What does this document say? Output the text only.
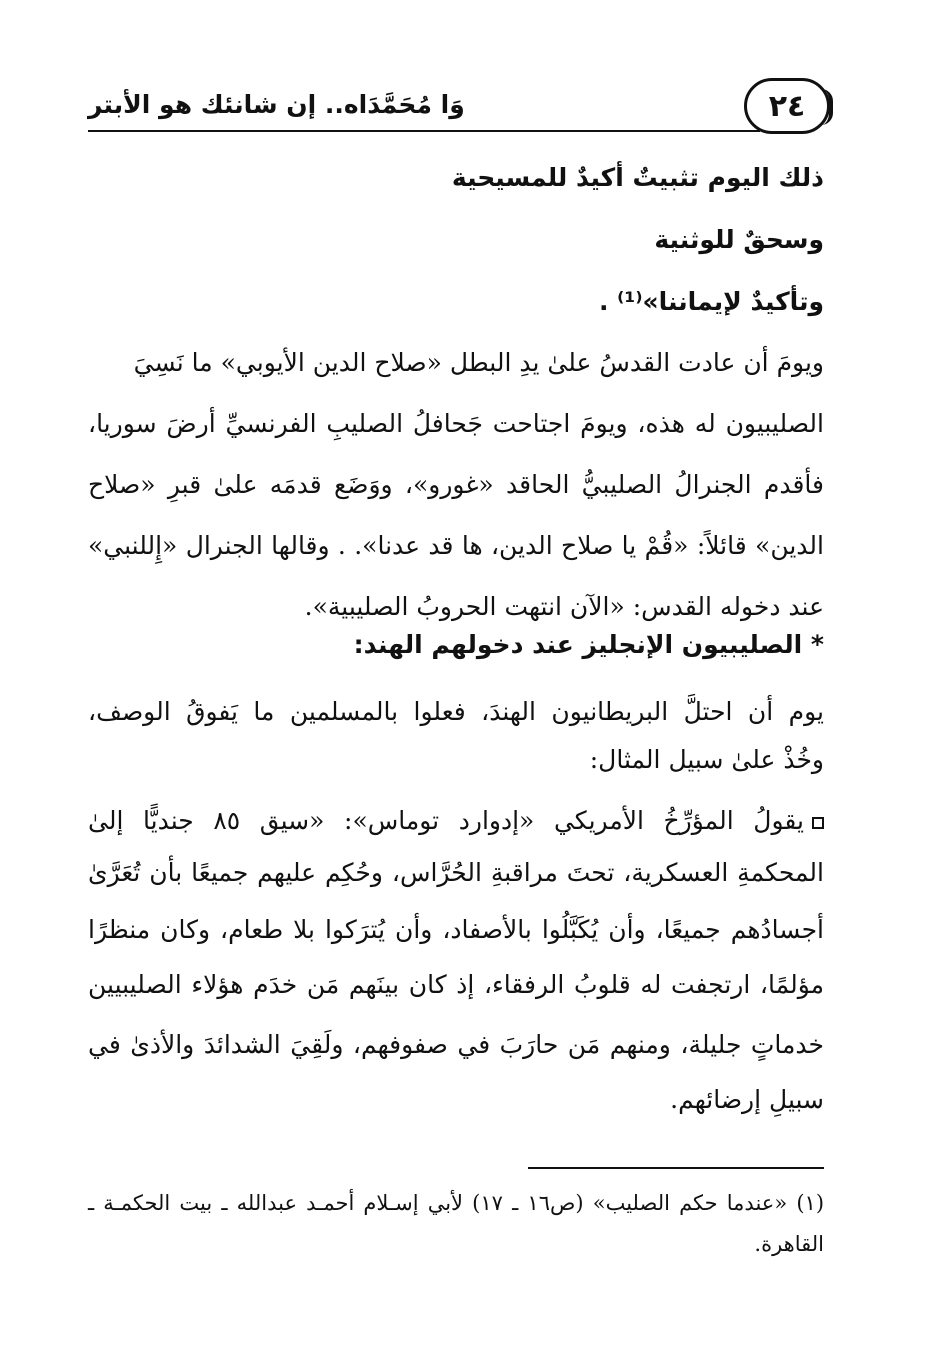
وَا مُحَمَّدَاه.. إن شانئك هو الأبتر	٢٤
ذلك اليوم تثبيتٌ أكيدٌ للمسيحية
وسحقٌ للوثنية
وتأكيدٌ لإيماننا»⁽¹⁾ .
ويومَ أن عادت القدسُ علىٰ يدِ البطل «صلاح الدين الأيوبي» ما نَسِيَ
الصليبيون له هذه، ويومَ اجتاحت جَحافلُ الصليبِ الفرنسيِّ أرضَ سوريا،
فأقدم الجنرالُ الصليبيُّ الحاقد «غورو»، ووَضَع قدمَه علىٰ قبرِ «صلاح
الدين» قائلاً: «قُمْ يا صلاح الدين، ها قد عدنا». . وقالها الجنرال «إِللنبي»
عند دخوله القدس: «الآن انتهت الحروبُ الصليبية».
* الصليبيون الإنجليز عند دخولهم الهند:
يوم أن احتلَّ البريطانيون الهندَ، فعلوا بالمسلمين ما يَفوقُ الوصف،
وخُذْ علىٰ سبيل المثال:
يقولُ المؤرِّخُ الأمريكي «إدوارد توماس»: «سيق ٨٥ جنديًّا إلىٰ
المحكمةِ العسكرية، تحتَ مراقبةِ الحُرَّاس، وحُكِم عليهم جميعًا بأن تُعَرَّىٰ
أجسادُهم جميعًا، وأن يُكَبَّلُوا بالأصفاد، وأن يُترَكوا بلا طعام، وكان منظرًا
مؤلمًا، ارتجفت له قلوبُ الرفقاء، إذ كان بينَهم مَن خدَم هؤلاء الصليبيين
خدماتٍ جليلة، ومنهم مَن حارَبَ في صفوفهم، ولَقِيَ الشدائدَ والأذىٰ في
سبيلِ إرضائهم.
(١) «عندما حكم الصليب» (ص١٦ ـ ١٧) لأبي إسـلام أحمـد عبدالله ـ بيت الحكمـة ـ
القاهرة.
